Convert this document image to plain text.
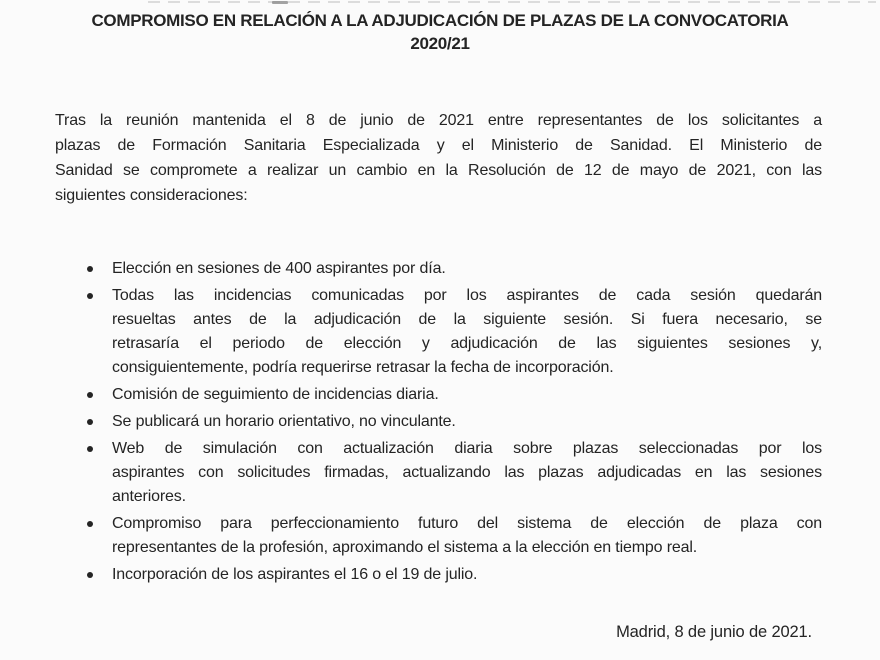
COMPROMISO EN RELACIÓN A LA ADJUDICACIÓN DE PLAZAS DE LA CONVOCATORIA
2020/21
Tras la reunión mantenida el 8 de junio de 2021 entre representantes de los solicitantes a
plazas de Formación Sanitaria Especializada y el Ministerio de Sanidad. El Ministerio de
Sanidad se compromete a realizar un cambio en la Resolución de 12 de mayo de 2021, con las
siguientes consideraciones:
Elección en sesiones de 400 aspirantes por día.
Todas las incidencias comunicadas por los aspirantes de cada sesión quedarán
resueltas antes de la adjudicación de la siguiente sesión. Si fuera necesario, se
retrasaría el periodo de elección y adjudicación de las siguientes sesiones y,
consiguientemente, podría requerirse retrasar la fecha de incorporación.
Comisión de seguimiento de incidencias diaria.
Se publicará un horario orientativo, no vinculante.
Web de simulación con actualización diaria sobre plazas seleccionadas por los
aspirantes con solicitudes firmadas, actualizando las plazas adjudicadas en las sesiones
anteriores.
Compromiso para perfeccionamiento futuro del sistema de elección de plaza con
representantes de la profesión, aproximando el sistema a la elección en tiempo real.
Incorporación de los aspirantes el 16 o el 19 de julio.
Madrid, 8 de junio de 2021.
